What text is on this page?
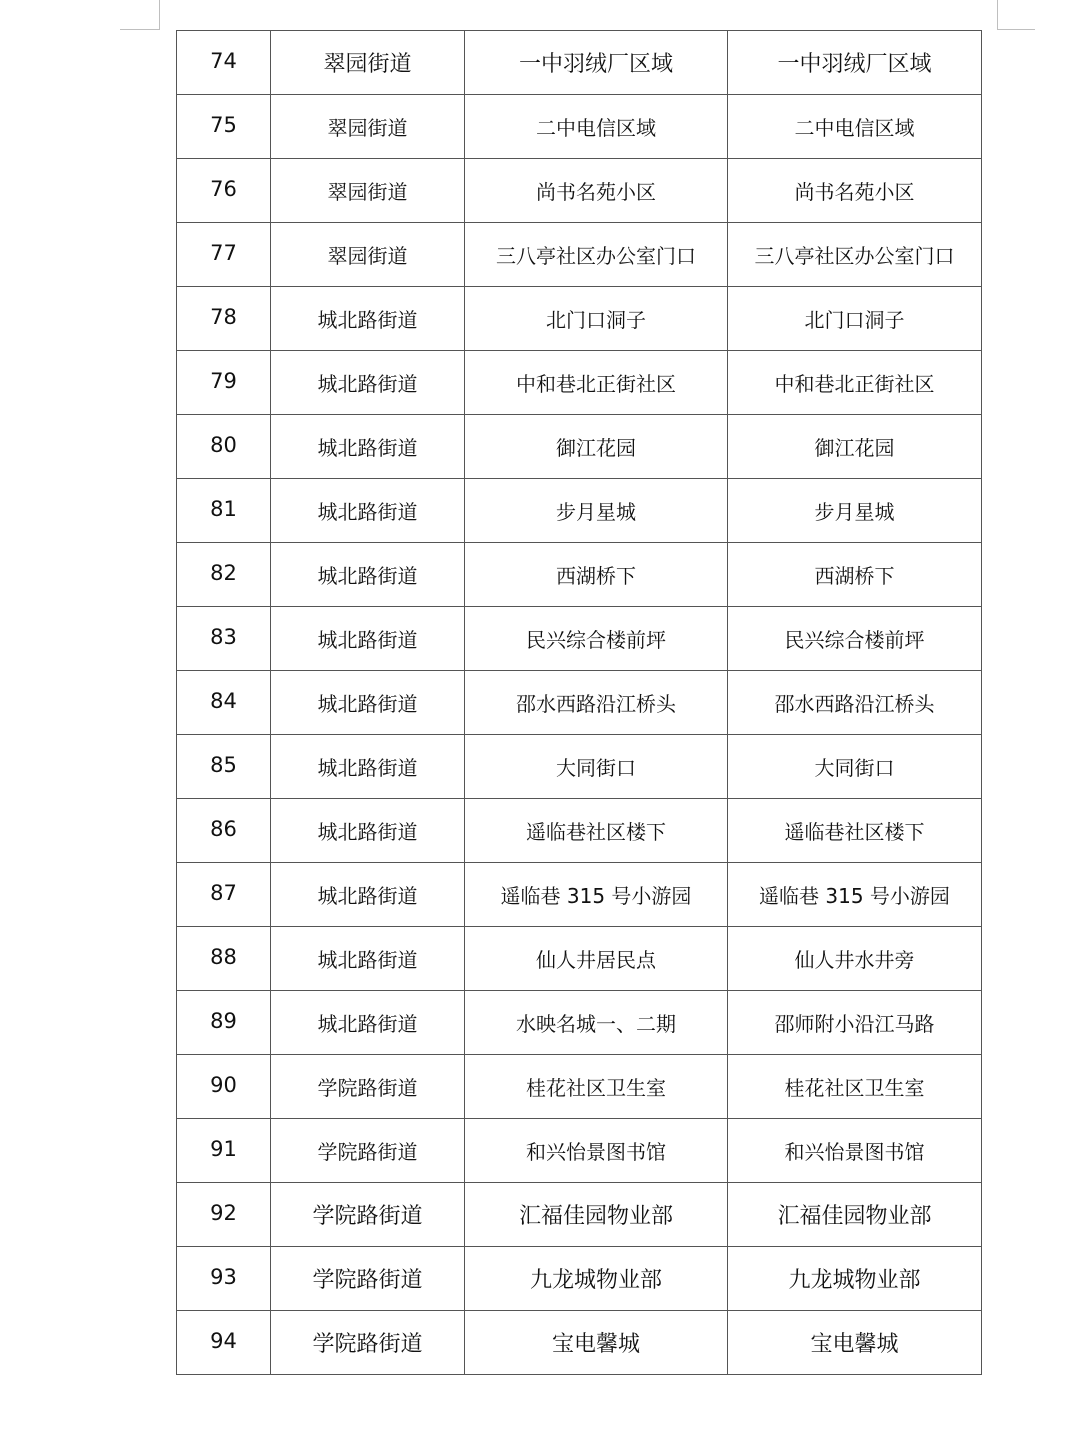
74	翠园街道	一中羽绒厂区域	一中羽绒厂区域
75	翠园街道	二中电信区域	二中电信区域
76	翠园街道	尚书名苑小区	尚书名苑小区
77	翠园街道	三八亭社区办公室门口	三八亭社区办公室门口
78	城北路街道	北门口洞子	北门口洞子
79	城北路街道	中和巷北正街社区	中和巷北正街社区
80	城北路街道	御江花园	御江花园
81	城北路街道	步月星城	步月星城
82	城北路街道	西湖桥下	西湖桥下
83	城北路街道	民兴综合楼前坪	民兴综合楼前坪
84	城北路街道	邵水西路沿江桥头	邵水西路沿江桥头
85	城北路街道	大同街口	大同街口
86	城北路街道	遥临巷社区楼下	遥临巷社区楼下
87	城北路街道	遥临巷 315 号小游园	遥临巷 315 号小游园
88	城北路街道	仙人井居民点	仙人井水井旁
89	城北路街道	水映名城一、二期	邵师附小沿江马路
90	学院路街道	桂花社区卫生室	桂花社区卫生室
91	学院路街道	和兴怡景图书馆	和兴怡景图书馆
92	学院路街道	汇福佳园物业部	汇福佳园物业部
93	学院路街道	九龙城物业部	九龙城物业部
94	学院路街道	宝电馨城	宝电馨城
